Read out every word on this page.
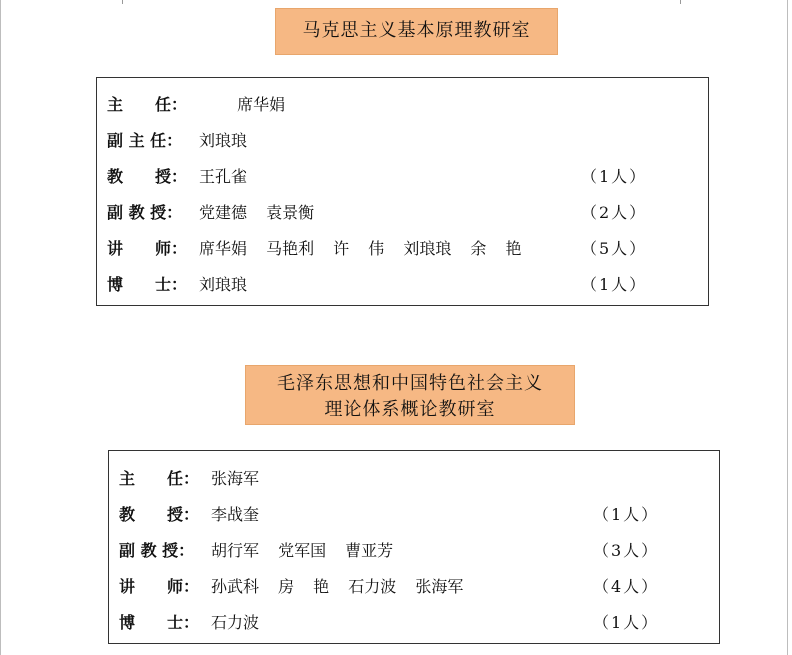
马克思主义基本原理教研室
主　　任： 席华娟
副 主 任：	刘琅琅
教　　授： 王孔雀	（1人）
副 教 授：	党建德 袁景衡	（2人）
讲　　师： 席华娟 马艳利 许 伟 刘琅琅 余 艳	（5人）
博　　士： 刘琅琅	（1人）
毛泽东思想和中国特色社会主义
理论体系概论教研室
主　　任： 张海军
教　　授： 李战奎	（1人）
副 教 授：	胡行军 党军国 曹亚芳	（3人）
讲　　师： 孙武科 房 艳 石力波 张海军	（4人）
博　　士： 石力波	（1人）
